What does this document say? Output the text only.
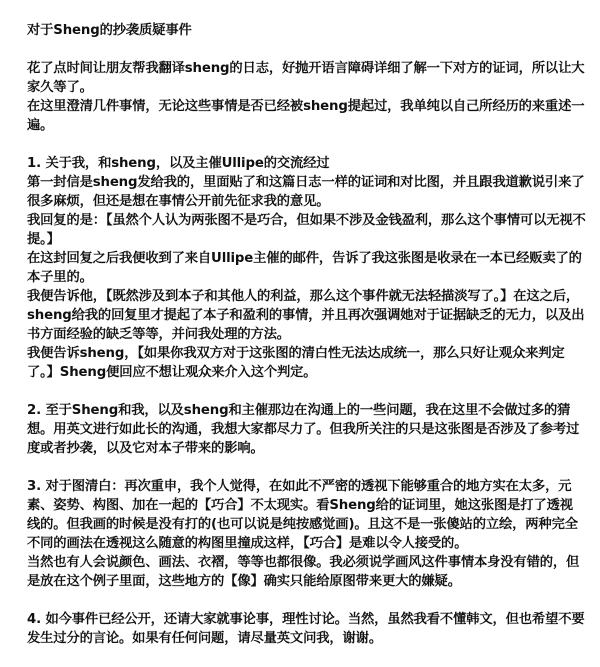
对于Sheng的抄袭质疑事件

花了点时间让朋友帮我翻译sheng的日志，好抛开语言障碍详细了解一下对方的证词，所以让大家久等了。

在这里澄清几件事情，无论这些事情是否已经被sheng提起过，我单纯以自己所经历的来重述一遍。

1. 关于我，和sheng，以及主催Ullipe的交流经过

第一封信是sheng发给我的，里面贴了和这篇日志一样的证词和对比图，并且跟我道歉说引来了很多麻烦，但还是想在事情公开前先征求我的意见。

我回复的是：【虽然个人认为两张图不是巧合，但如果不涉及金钱盈利，那么这个事情可以无视不提。】

在这封回复之后我便收到了来自Ullipe主催的邮件，告诉了我这张图是收录在一本已经贩卖了的本子里的。

我便告诉他，【既然涉及到本子和其他人的利益，那么这个事件就无法轻描淡写了。】在这之后，sheng给我的回复里才提起了本子和盈利的事情，并且再次强调她对于证据缺乏的无力，以及出书方面经验的缺乏等等，并问我处理的方法。

我便告诉sheng，【如果你我双方对于这张图的清白性无法达成统一，那么只好让观众来判定了。】Sheng便回应不想让观众来介入这个判定。

2. 至于Sheng和我，以及sheng和主催那边在沟通上的一些问题，我在这里不会做过多的猜想。用英文进行如此长的沟通，我想大家都尽力了。但我所关注的只是这张图是否涉及了参考过度或者抄袭，以及它对本子带来的影响。

3. 对于图清白：再次重申，我个人觉得，在如此不严密的透视下能够重合的地方实在太多，元素、姿势、构图、加在一起的【巧合】不太现实。看Sheng给的证词里，她这张图是打了透视线的。但我画的时候是没有打的(也可以说是纯按感觉画)。且这不是一张傻站的立绘，两种完全不同的画法在透视这么随意的构图里撞成这样，【巧合】是难以令人接受的。

当然也有人会说颜色、画法、衣褶，等等也都很像。我必须说学画风这件事情本身没有错的，但是放在这个例子里面，这些地方的【像】确实只能给原图带来更大的嫌疑。

4. 如今事件已经公开，还请大家就事论事，理性讨论。当然，虽然我看不懂韩文，但也希望不要发生过分的言论。如果有任何问题，请尽量英文问我，谢谢。
